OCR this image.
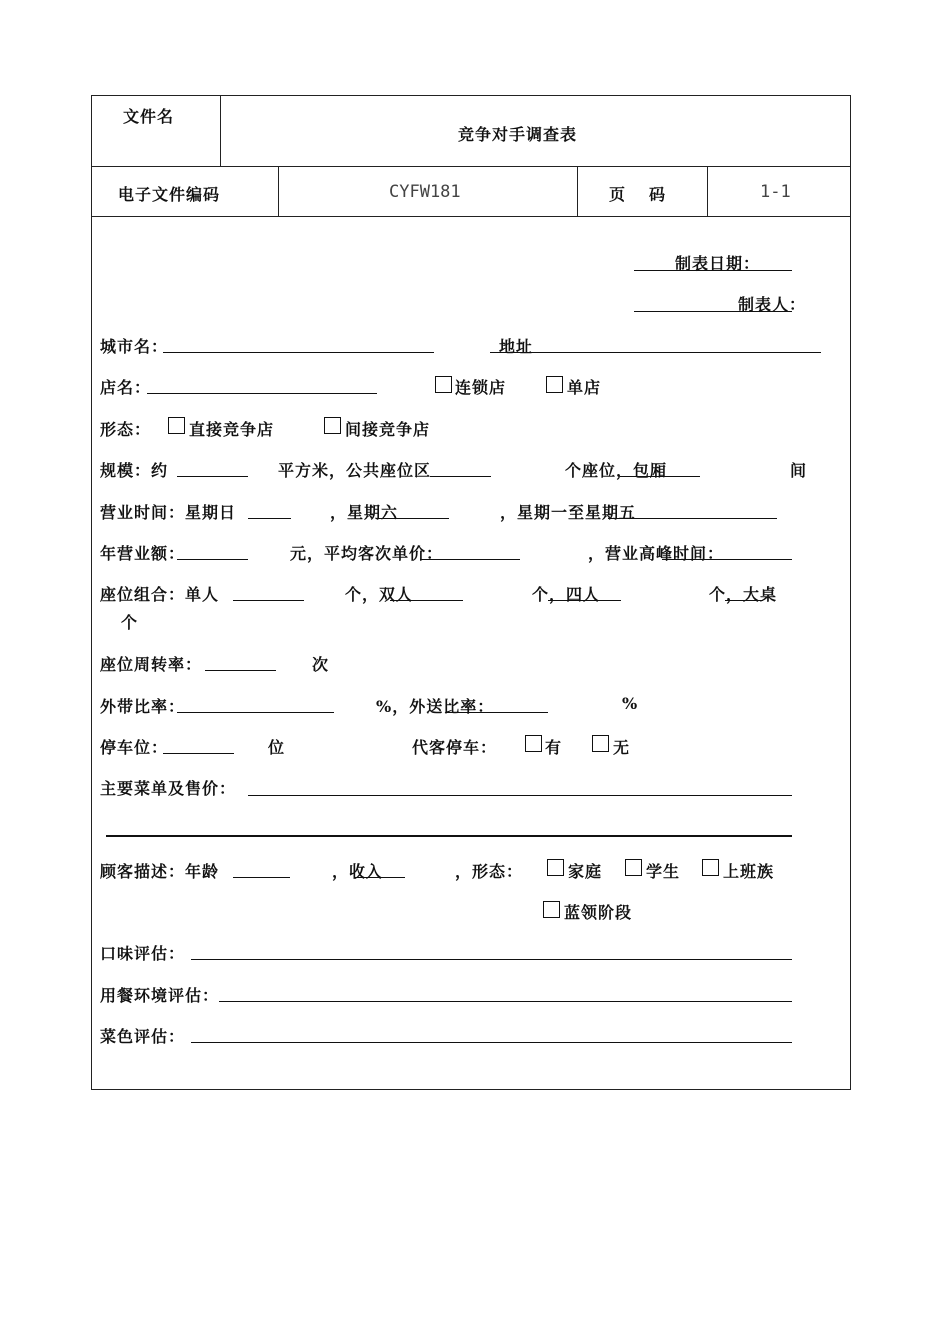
文件名
竞争对手调查表
电子文件编码	CYFW181	页　码	1-1
制表日期：
制表人：
城市名：	地址
店名：	连锁店	单店
形态： 直接竞争店	间接竞争店
规模：约	平方米，公共座位区	个座位，包厢	间
营业时间：星期日	，星期六	，星期一至星期五
年营业额：	元，平均客次单价：	，营业高峰时间：
座位组合：单人	个，双人	个，四人	个，大桌
个
座位周转率：	次
外带比率：	%，外送比率：	%
停车位：	位	代客停车：	有	无
主要菜单及售价：
顾客描述：年龄	，收入	，形态：	家庭	学生	上班族
蓝领阶段
口味评估：
用餐环境评估：
菜色评估：
